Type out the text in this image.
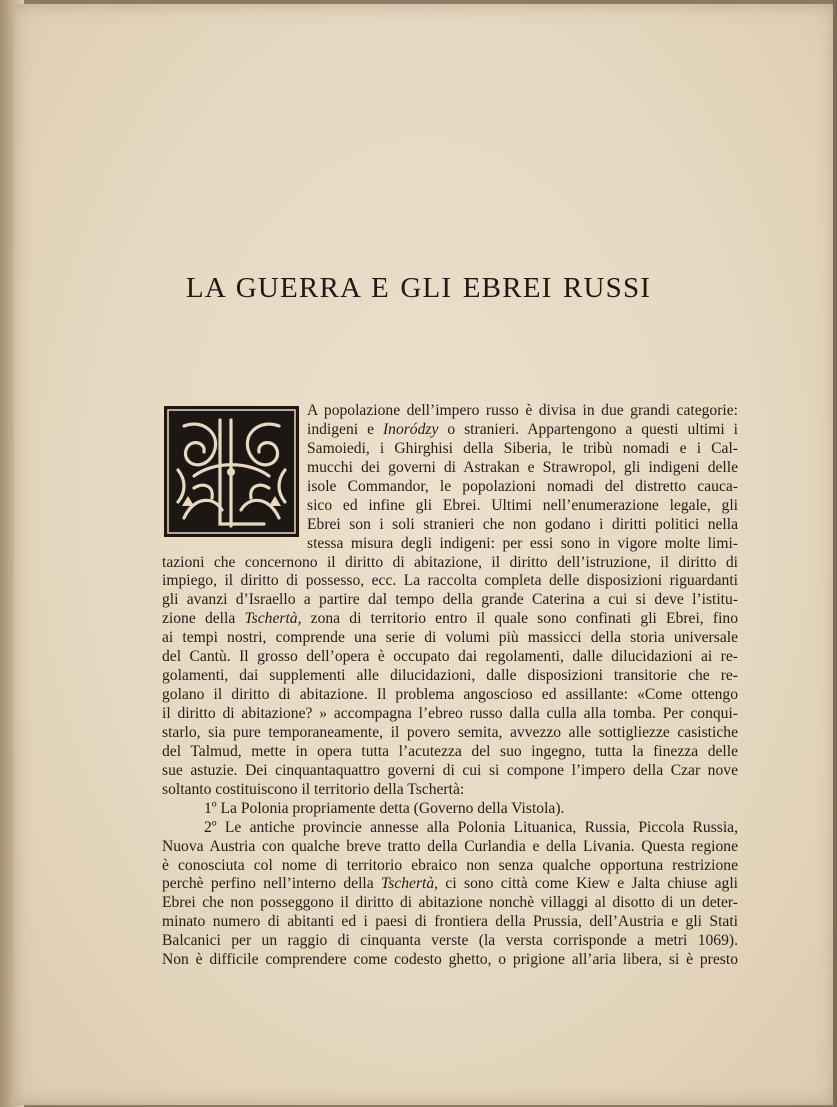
LA GUERRA E GLI EBREI RUSSI
A popolazione dell’impero russo è divisa in due grandi categorie:
indigeni e Inoródzy o stranieri. Appartengono a questi ultimi i
Samoiedi, i Ghirghisi della Siberia, le tribù nomadi e i Cal-
mucchi dei governi di Astrakan e Strawropol, gli indigeni delle
isole Commandor, le popolazioni nomadi del distretto cauca-
sico ed infine gli Ebrei. Ultimi nell’enumerazione legale, gli
Ebrei son i soli stranieri che non godano i diritti politici nella
stessa misura degli indigeni: per essi sono in vigore molte limi-
tazioni che concernono il diritto di abitazione, il diritto dell’istruzione, il diritto di
impiego, il diritto di possesso, ecc. La raccolta completa delle disposizioni riguardanti
gli avanzi d’Israello a partire dal tempo della grande Caterina a cui si deve l’istitu-
zione della Tschertà, zona di territorio entro il quale sono confinati gli Ebrei, fino
ai tempi nostri, comprende una serie di volumi più massicci della storia universale
del Cantù. Il grosso dell’opera è occupato dai regolamenti, dalle dilucidazioni ai re-
golamenti, dai supplementi alle dilucidazioni, dalle disposizioni transitorie che re-
golano il diritto di abitazione. Il problema angoscioso ed assillante: «Come ottengo
il diritto di abitazione? » accompagna l’ebreo russo dalla culla alla tomba. Per conqui-
starlo, sia pure temporaneamente, il povero semita, avvezzo alle sottigliezze casistiche
del Talmud, mette in opera tutta l’acutezza del suo ingegno, tutta la finezza delle
sue astuzie. Dei cinquantaquattro governi di cui si compone l’impero della Czar nove
soltanto costituiscono il territorio della Tschertà:
1º La Polonia propriamente detta (Governo della Vistola).
2º Le antiche provincie annesse alla Polonia Lituanica, Russia, Piccola Russia,
Nuova Austria con qualche breve tratto della Curlandia e della Livania. Questa regione
è conosciuta col nome di territorio ebraico non senza qualche opportuna restrizione
perchè perfino nell’interno della Tschertà, ci sono città come Kiew e Jalta chiuse agli
Ebrei che non posseggono il diritto di abitazione nonchè villaggi al disotto di un deter-
minato numero di abitanti ed i paesi di frontiera della Prussia, dell’Austria e gli Stati
Balcanici per un raggio di cinquanta verste (la versta corrisponde a metri 1069).
Non è difficile comprendere come codesto ghetto, o prigione all’aria libera, si è presto
